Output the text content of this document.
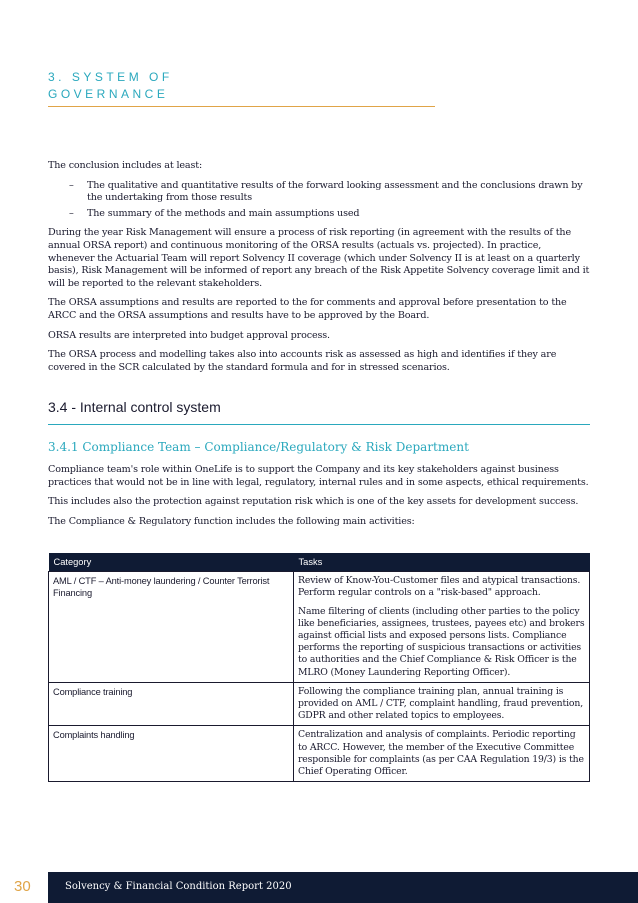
3. SYSTEM OF
GOVERNANCE

The conclusion includes at least:

– The qualitative and quantitative results of the forward looking assessment and the conclusions drawn by the undertaking from those results
– The summary of the methods and main assumptions used

During the year Risk Management will ensure a process of risk reporting (in agreement with the results of the annual ORSA report) and continuous monitoring of the ORSA results (actuals vs. projected). In practice, whenever the Actuarial Team will report Solvency II coverage (which under Solvency II is at least on a quarterly basis), Risk Management will be informed of report any breach of the Risk Appetite Solvency coverage limit and it will be reported to the relevant stakeholders.

The ORSA assumptions and results are reported to the for comments and approval before presentation to the ARCC and the ORSA assumptions and results have to be approved by the Board.

ORSA results are interpreted into budget approval process.

The ORSA process and modelling takes also into accounts risk as assessed as high and identifies if they are covered in the SCR calculated by the standard formula and for in stressed scenarios.

3.4 - Internal control system
3.4.1 Compliance Team – Compliance/Regulatory & Risk Department

Compliance team's role within OneLife is to support the Company and its key stakeholders against business practices that would not be in line with legal, regulatory, internal rules and in some aspects, ethical requirements.

This includes also the protection against reputation risk which is one of the key assets for development success.

The Compliance & Regulatory function includes the following main activities:

Category	Tasks
AML / CTF – Anti-money laundering / Counter Terrorist Financing	Review of Know-You-Customer files and atypical transactions. Perform regular controls on a "risk-based" approach.

Name filtering of clients (including other parties to the policy like beneficiaries, assignees, trustees, payees etc) and brokers against official lists and exposed persons lists. Compliance performs the reporting of suspicious transactions or activities to authorities and the Chief Compliance & Risk Officer is the MLRO (Money Laundering Reporting Officer).

Compliance training	Following the compliance training plan, annual training is provided on AML / CTF, complaint handling, fraud prevention, GDPR and other related topics to employees.

Complaints handling	Centralization and analysis of complaints. Periodic reporting to ARCC. However, the member of the Executive Committee responsible for complaints (as per CAA Regulation 19/3) is the Chief Operating Officer.

30	Solvency & Financial Condition Report 2020
